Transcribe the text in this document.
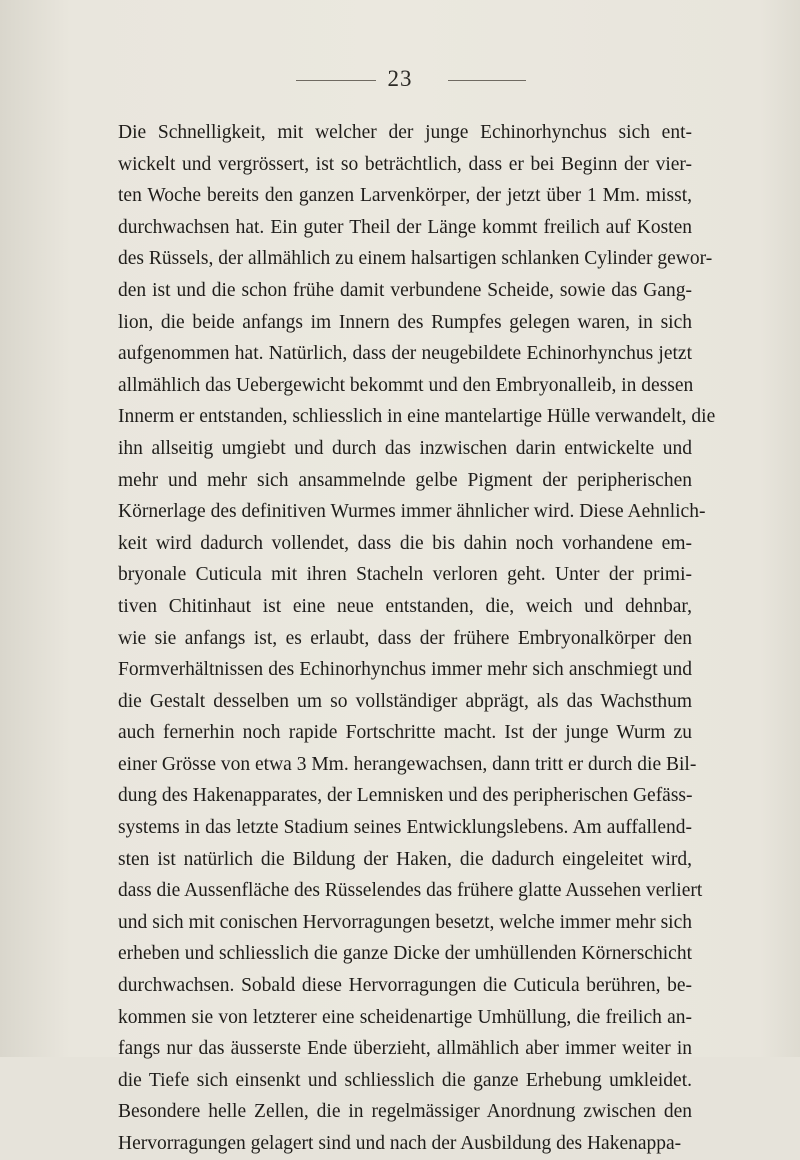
23
Die Schnelligkeit, mit welcher der junge Echinorhynchus sich ent-
wickelt und vergrössert, ist so beträchtlich, dass er bei Beginn der vier-
ten Woche bereits den ganzen Larvenkörper, der jetzt über 1 Mm. misst,
durchwachsen hat. Ein guter Theil der Länge kommt freilich auf Kosten
des Rüssels, der allmählich zu einem halsartigen schlanken Cylinder gewor-
den ist und die schon frühe damit verbundene Scheide, sowie das Gang-
lion, die beide anfangs im Innern des Rumpfes gelegen waren, in sich
aufgenommen hat. Natürlich, dass der neugebildete Echinorhynchus jetzt
allmählich das Uebergewicht bekommt und den Embryonalleib, in dessen
Innerm er entstanden, schliesslich in eine mantelartige Hülle verwandelt, die
ihn allseitig umgiebt und durch das inzwischen darin entwickelte und
mehr und mehr sich ansammelnde gelbe Pigment der peripherischen
Körnerlage des definitiven Wurmes immer ähnlicher wird. Diese Aehnlich-
keit wird dadurch vollendet, dass die bis dahin noch vorhandene em-
bryonale Cuticula mit ihren Stacheln verloren geht. Unter der primi-
tiven Chitinhaut ist eine neue entstanden, die, weich und dehnbar,
wie sie anfangs ist, es erlaubt, dass der frühere Embryonalkörper den
Formverhältnissen des Echinorhynchus immer mehr sich anschmiegt und
die Gestalt desselben um so vollständiger abprägt, als das Wachsthum
auch fernerhin noch rapide Fortschritte macht. Ist der junge Wurm zu
einer Grösse von etwa 3 Mm. herangewachsen, dann tritt er durch die Bil-
dung des Hakenapparates, der Lemnisken und des peripherischen Gefäss-
systems in das letzte Stadium seines Entwicklungslebens. Am auffallend-
sten ist natürlich die Bildung der Haken, die dadurch eingeleitet wird,
dass die Aussenfläche des Rüsselendes das frühere glatte Aussehen verliert
und sich mit conischen Hervorragungen besetzt, welche immer mehr sich
erheben und schliesslich die ganze Dicke der umhüllenden Körnerschicht
durchwachsen. Sobald diese Hervorragungen die Cuticula berühren, be-
kommen sie von letzterer eine scheidenartige Umhüllung, die freilich an-
fangs nur das äusserste Ende überzieht, allmählich aber immer weiter in
die Tiefe sich einsenkt und schliesslich die ganze Erhebung umkleidet.
Besondere helle Zellen, die in regelmässiger Anordnung zwischen den
Hervorragungen gelagert sind und nach der Ausbildung des Hakenappa-
